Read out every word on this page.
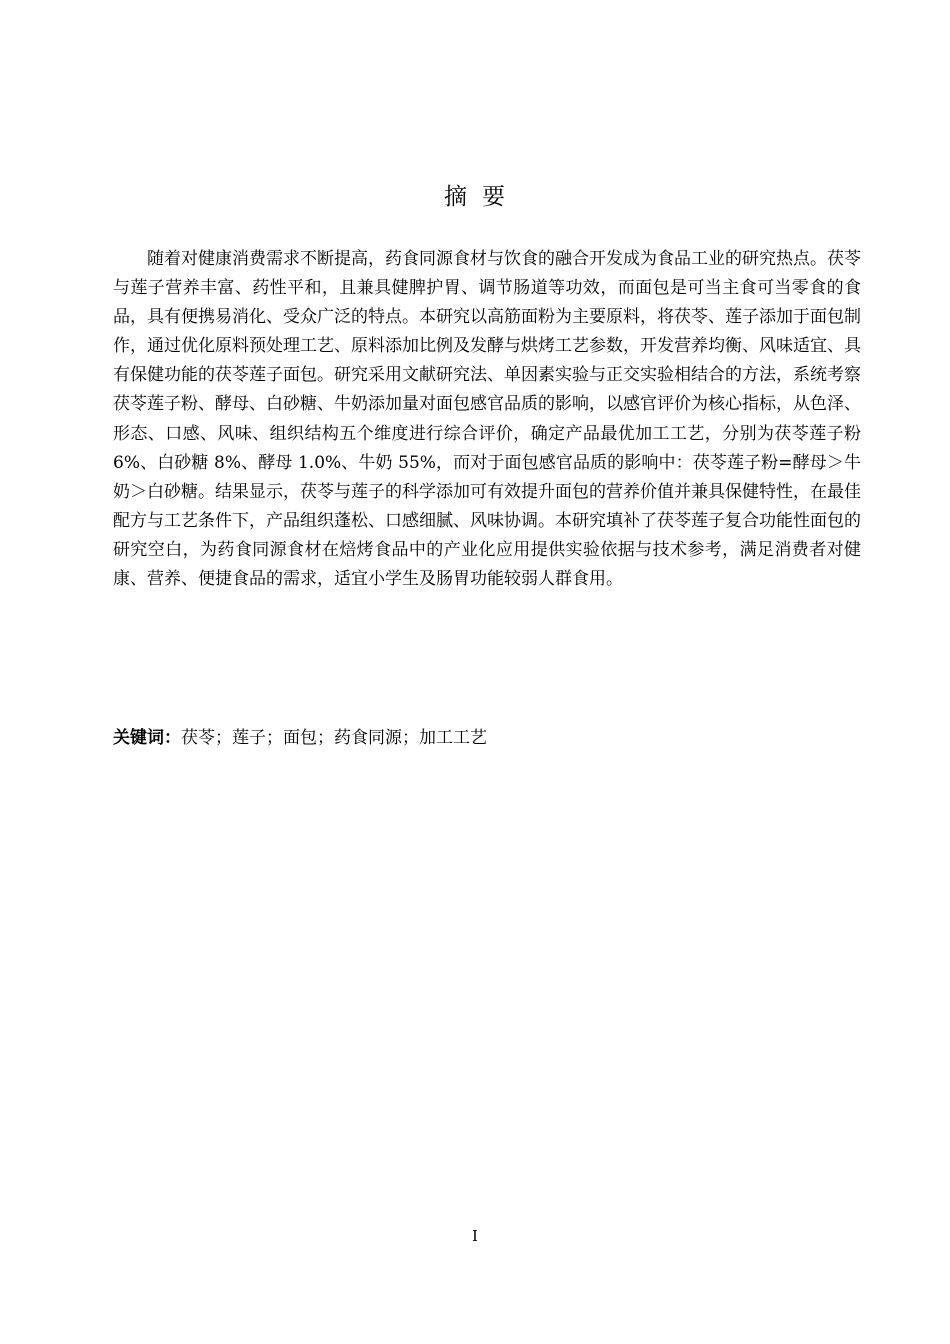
摘 要

随着对健康消费需求不断提高，药食同源食材与饮食的融合开发成为食品工业的研究热点。茯苓与莲子营养丰富、药性平和，且兼具健脾护胃、调节肠道等功效，而面包是可当主食可当零食的食品，具有便携易消化、受众广泛的特点。本研究以高筋面粉为主要原料，将茯苓、莲子添加于面包制作，通过优化原料预处理工艺、原料添加比例及发酵与烘烤工艺参数，开发营养均衡、风味适宜、具有保健功能的茯苓莲子面包。研究采用文献研究法、单因素实验与正交实验相结合的方法，系统考察茯苓莲子粉、酵母、白砂糖、牛奶添加量对面包感官品质的影响，以感官评价为核心指标，从色泽、形态、口感、风味、组织结构五个维度进行综合评价，确定产品最优加工工艺，分别为茯苓莲子粉 6%、白砂糖 8%、酵母 1.0%、牛奶 55%，而对于面包感官品质的影响中：茯苓莲子粉=酵母＞牛奶＞白砂糖。结果显示，茯苓与莲子的科学添加可有效提升面包的营养价值并兼具保健特性，在最佳配方与工艺条件下，产品组织蓬松、口感细腻、风味协调。本研究填补了茯苓莲子复合功能性面包的研究空白，为药食同源食材在焙烤食品中的产业化应用提供实验依据与技术参考，满足消费者对健康、营养、便捷食品的需求，适宜小学生及肠胃功能较弱人群食用。

关键词：茯苓；莲子；面包；药食同源；加工工艺

I
